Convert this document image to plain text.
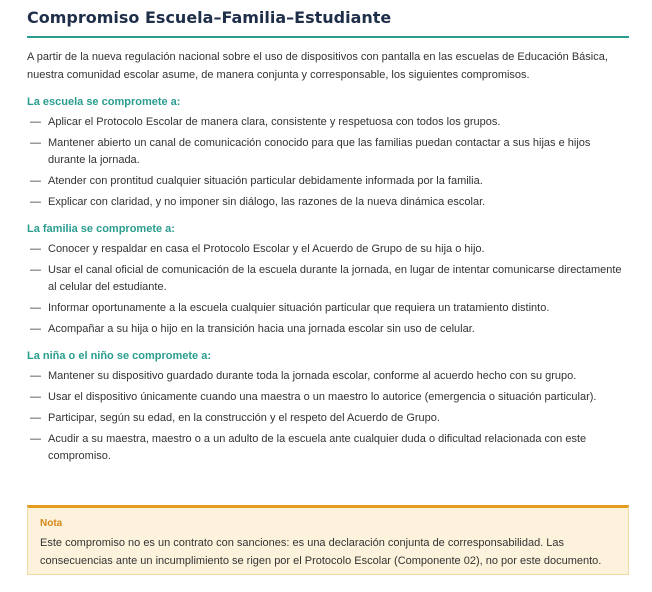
Compromiso Escuela–Familia–Estudiante

A partir de la nueva regulación nacional sobre el uso de dispositivos con pantalla en las escuelas de Educación Básica, nuestra comunidad escolar asume, de manera conjunta y corresponsable, los siguientes compromisos.

La escuela se compromete a:
— Aplicar el Protocolo Escolar de manera clara, consistente y respetuosa con todos los grupos.
— Mantener abierto un canal de comunicación conocido para que las familias puedan contactar a sus hijas e hijos durante la jornada.
— Atender con prontitud cualquier situación particular debidamente informada por la familia.
— Explicar con claridad, y no imponer sin diálogo, las razones de la nueva dinámica escolar.
La familia se compromete a:
— Conocer y respaldar en casa el Protocolo Escolar y el Acuerdo de Grupo de su hija o hijo.
— Usar el canal oficial de comunicación de la escuela durante la jornada, en lugar de intentar comunicarse directamente al celular del estudiante.
— Informar oportunamente a la escuela cualquier situación particular que requiera un tratamiento distinto.
— Acompañar a su hija o hijo en la transición hacia una jornada escolar sin uso de celular.
La niña o el niño se compromete a:
— Mantener su dispositivo guardado durante toda la jornada escolar, conforme al acuerdo hecho con su grupo.
— Usar el dispositivo únicamente cuando una maestra o un maestro lo autorice (emergencia o situación particular).
— Participar, según su edad, en la construcción y el respeto del Acuerdo de Grupo.
— Acudir a su maestra, maestro o a un adulto de la escuela ante cualquier duda o dificultad relacionada con este compromiso.
Nota
Este compromiso no es un contrato con sanciones: es una declaración conjunta de corresponsabilidad. Las consecuencias ante un incumplimiento se rigen por el Protocolo Escolar (Componente 02), no por este documento.
